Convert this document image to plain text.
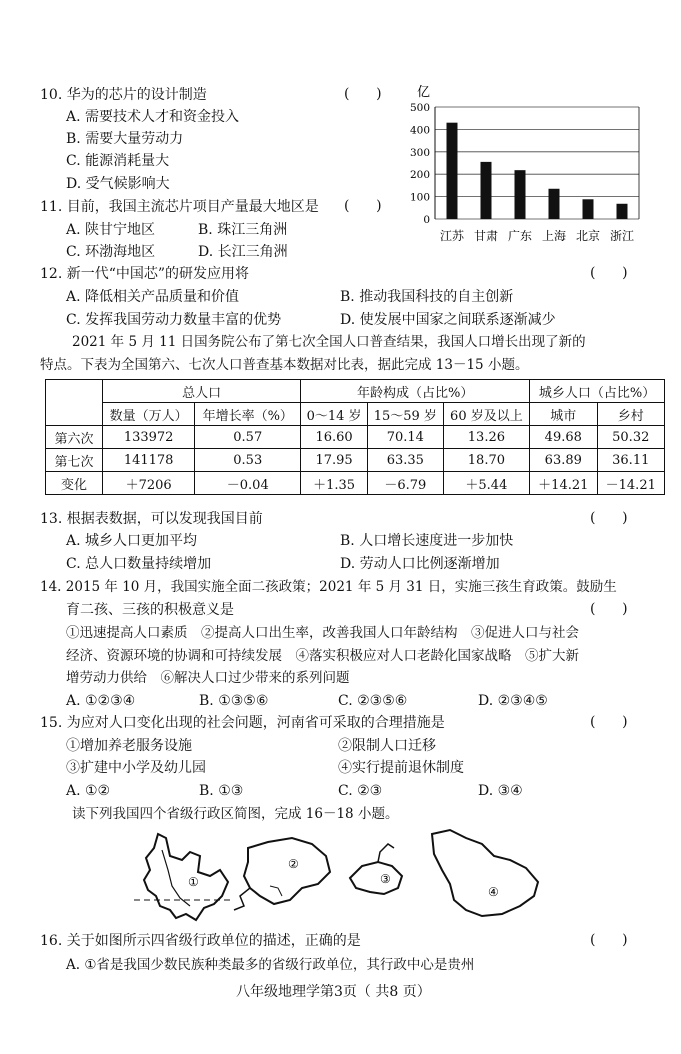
10. 华为的芯片的设计制造	(      )
A. 需要技术人才和资金投入
B. 需要大量劳动力
C. 能源消耗量大
D. 受气候影响大
11. 目前，我国主流芯片项目产量最大地区是 (      )
A. 陕甘宁地区	B. 珠江三角洲
C. 环渤海地区	D. 长江三角洲
亿
0
100
200
300
400
500
江苏 甘肃 广东 上海 北京 浙江
12. 新一代“中国芯”的研发应用将	(      )
A. 降低相关产品质量和价值	B. 推动我国科技的自主创新
C. 发挥我国劳动力数量丰富的优势	D. 使发展中国家之间联系逐渐减少
2021 年 5 月 11 日国务院公布了第七次全国人口普查结果，我国人口增长出现了新的
特点。下表为全国第六、七次人口普查基本数据对比表，据此完成 13－15 小题。
	总人口		年龄构成（占比%）			城乡人口（占比%）	
	数量（万人）	年增长率（%）	0～14 岁	15～59 岁	60 岁及以上	城市	乡村
第六次	133972	0.57	16.60	70.14	13.26	49.68	50.32
第七次	141178	0.53	17.95	63.35	18.70	63.89	36.11
变化	＋7206	－0.04	＋1.35	－6.79	＋5.44	＋14.21	－14.21
13. 根据表数据，可以发现我国目前	(      )
A. 城乡人口更加平均	B. 人口增长速度进一步加快
C. 总人口数量持续增加	D. 劳动人口比例逐渐增加
14. 2015 年 10 月，我国实施全面二孩政策；2021 年 5 月 31 日，实施三孩生育政策。鼓励生
育二孩、三孩的积极意义是	(      )
①迅速提高人口素质　②提高人口出生率，改善我国人口年龄结构　③促进人口与社会
经济、资源环境的协调和可持续发展　④落实积极应对人口老龄化国家战略　⑤扩大新
增劳动力供给　⑥解决人口过少带来的系列问题
A. ①②③④	B. ①③⑤⑥	C. ②③⑤⑥	D. ②③④⑤
15. 为应对人口变化出现的社会问题，河南省可采取的合理措施是	(      )
①增加养老服务设施	②限制人口迁移
③扩建中小学及幼儿园	④实行提前退休制度
A. ①②	B. ①③	C. ②③	D. ③④
读下列我国四个省级行政区简图，完成 16－18 小题。
①
②
③
④
16. 关于如图所示四省级行政单位的描述，正确的是	(      )
A. ①省是我国少数民族种类最多的省级行政单位，其行政中心是贵州
八年级地理学第3页（ 共8 页）
